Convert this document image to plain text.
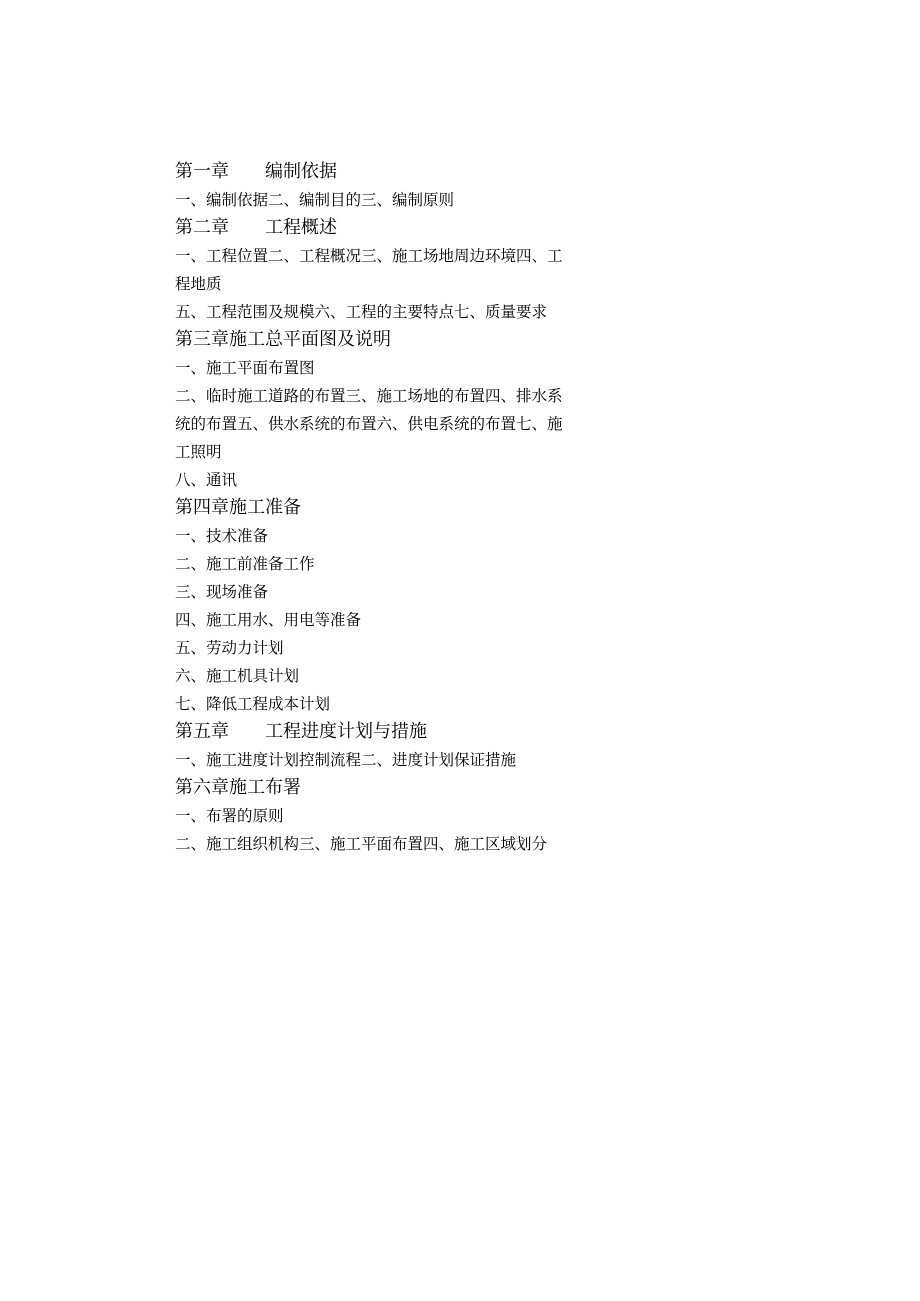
第一章 编制依据
一、编制依据二、编制目的三、编制原则
第二章 工程概述
一、工程位置二、工程概况三、施工场地周边环境四、工
程地质
五、工程范围及规模六、工程的主要特点七、质量要求
第三章施工总平面图及说明
一、施工平面布置图
二、临时施工道路的布置三、施工场地的布置四、排水系
统的布置五、供水系统的布置六、供电系统的布置七、施
工照明
八、通讯
第四章施工准备
一、技术准备
二、施工前准备工作
三、现场准备
四、施工用水、用电等准备
五、劳动力计划
六、施工机具计划
七、降低工程成本计划
第五章 工程进度计划与措施
一、施工进度计划控制流程二、进度计划保证措施
第六章施工布署
一、布署的原则
二、施工组织机构三、施工平面布置四、施工区域划分
